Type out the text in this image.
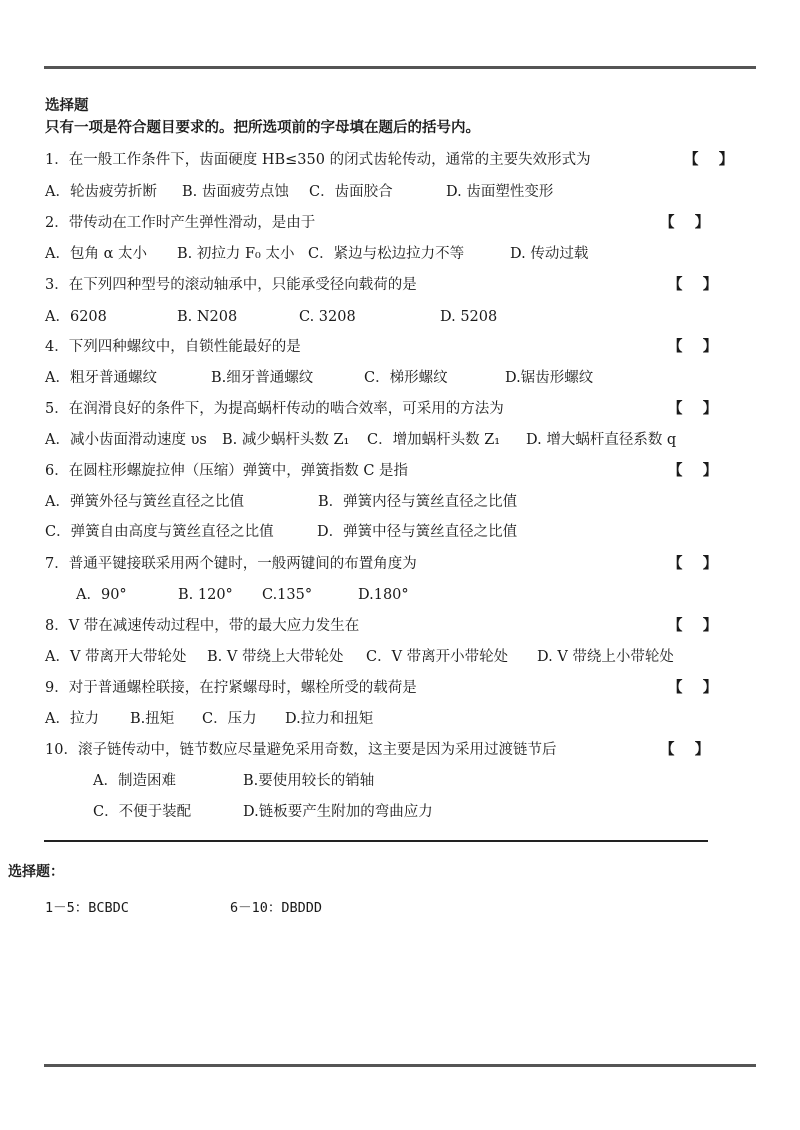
选择题
只有一项是符合题目要求的。把所选项前的字母填在题后的括号内。
1．在一般工作条件下，齿面硬度 HB≤350 的闭式齿轮传动，通常的主要失效形式为	【    】
A．轮齿疲劳折断 B. 齿面疲劳点蚀 C．齿面胶合	D. 齿面塑性变形
2．带传动在工作时产生弹性滑动，是由于	【    】
A．包角 α 太小 B. 初拉力 F₀ 太小 C．紧边与松边拉力不等	D. 传动过载
3．在下列四种型号的滚动轴承中，只能承受径向载荷的是	【    】
A．6208	B. N208	C. 3208	D. 5208
4．下列四种螺纹中，自锁性能最好的是	【    】
A．粗牙普通螺纹	B.细牙普通螺纹	C．梯形螺纹	D.锯齿形螺纹
5．在润滑良好的条件下，为提高蜗杆传动的啮合效率，可采用的方法为	【    】
A．减小齿面滑动速度 υs B. 减少蜗杆头数 Z₁ C．增加蜗杆头数 Z₁ D. 增大蜗杆直径系数 q
6．在圆柱形螺旋拉伸（压缩）弹簧中，弹簧指数 C 是指	【    】
A．弹簧外径与簧丝直径之比值	B．弹簧内径与簧丝直径之比值
C．弹簧自由高度与簧丝直径之比值	D．弹簧中径与簧丝直径之比值
7．普通平键接联采用两个键时，一般两键间的布置角度为	【    】
A．90°	B. 120° C.135°	D.180°
8．V 带在减速传动过程中，带的最大应力发生在	【    】
A．V 带离开大带轮处 B. V 带绕上大带轮处 C．V 带离开小带轮处 D. V 带绕上小带轮处
9．对于普通螺栓联接，在拧紧螺母时，螺栓所受的载荷是	【    】
A．拉力 B.扭矩 C．压力 D.拉力和扭矩
10．滚子链传动中，链节数应尽量避免采用奇数，这主要是因为采用过渡链节后	【    】
A．制造困难	B.要使用较长的销轴
C．不便于装配	D.链板要产生附加的弯曲应力
选择题：
1－5：BCBDC	6－10：DBDDD
